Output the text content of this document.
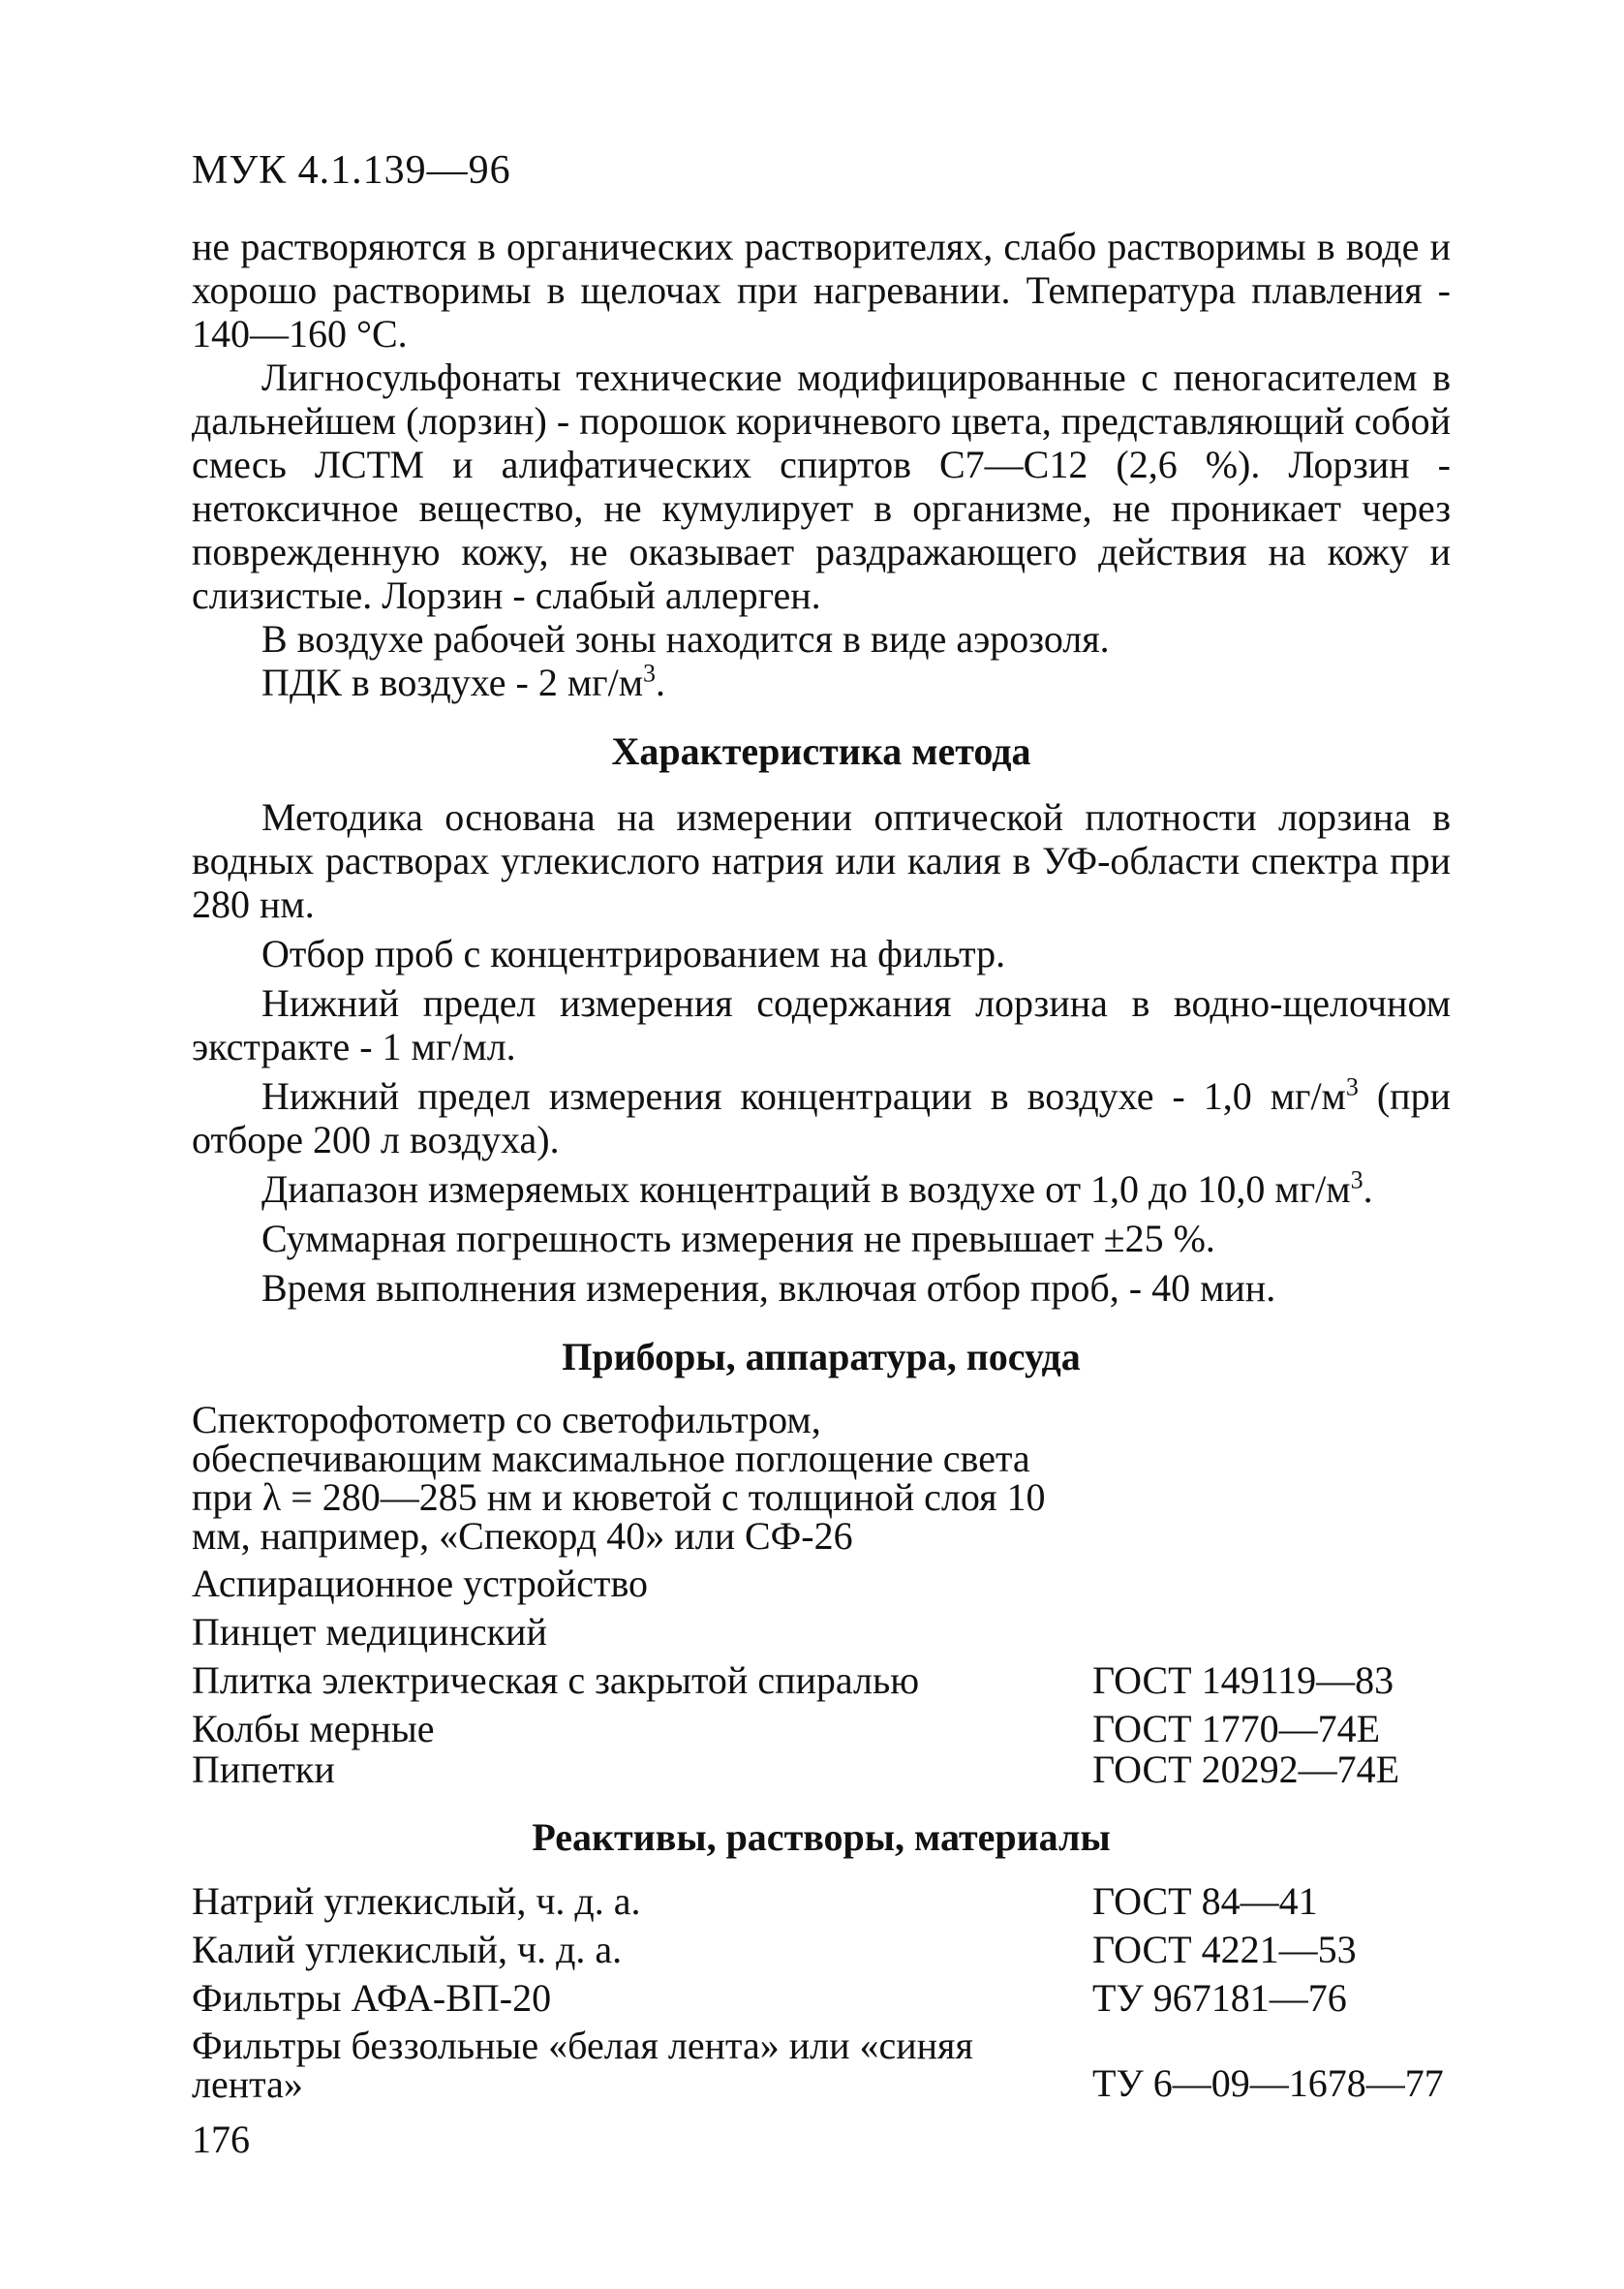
МУК 4.1.139—96

не растворяются в органических растворителях, слабо растворимы в воде и хорошо растворимы в щелочах при нагревании. Температура плавления - 140—160 °С.

Лигносульфонаты технические модифицированные с пеногасителем в дальнейшем (лорзин) - порошок коричневого цвета, представляющий собой смесь ЛСТМ и алифатических спиртов С7—С12 (2,6 %). Лорзин - нетоксичное вещество, не кумулирует в организме, не проникает через поврежденную кожу, не оказывает раздражающего действия на кожу и слизистые. Лорзин - слабый аллерген.

В воздухе рабочей зоны находится в виде аэрозоля.

ПДК в воздухе - 2 $мг/м^3$.

Характеристика метода

Методика основана на измерении оптической плотности лорзина в водных растворах углекислого натрия или калия в УФ-области спектра при 280 нм.

Отбор проб с концентрированием на фильтр.

Нижний предел измерения содержания лорзина в водно-щелочном экстракте - 1 мг/мл.

Нижний предел измерения концентрации в воздухе - 1,0 $мг/м^3$ (при отборе 200 л воздуха).

Диапазон измеряемых концентраций в воздухе от 1,0 до 10,0 $мг/м^3$.

Суммарная погрешность измерения не превышает ±25 %.

Время выполнения измерения, включая отбор проб, - 40 мин.

Приборы, аппаратура, посуда
Спекторофотометр со светофильтром, обеспечивающим максимальное поглощение света при λ = 280—285 нм и кюветой с толщиной слоя 10 мм, например, «Спекорд 40» или СФ-26
Аспирационное устройство
Пинцет медицинский
Плитка электрическая с закрытой спиралью	ГОСТ 149119—83
Колбы мерные	ГОСТ 1770—74Е
Пипетки	ГОСТ 20292—74Е
Реактивы, растворы, материалы
Натрий углекислый, ч. д. а.	ГОСТ 84—41
Калий углекислый, ч. д. а.	ГОСТ 4221—53
Фильтры АФА-ВП-20	ТУ 967181—76
Фильтры беззольные «белая лента» или «синяя лента»	ТУ 6—09—1678—77
176
